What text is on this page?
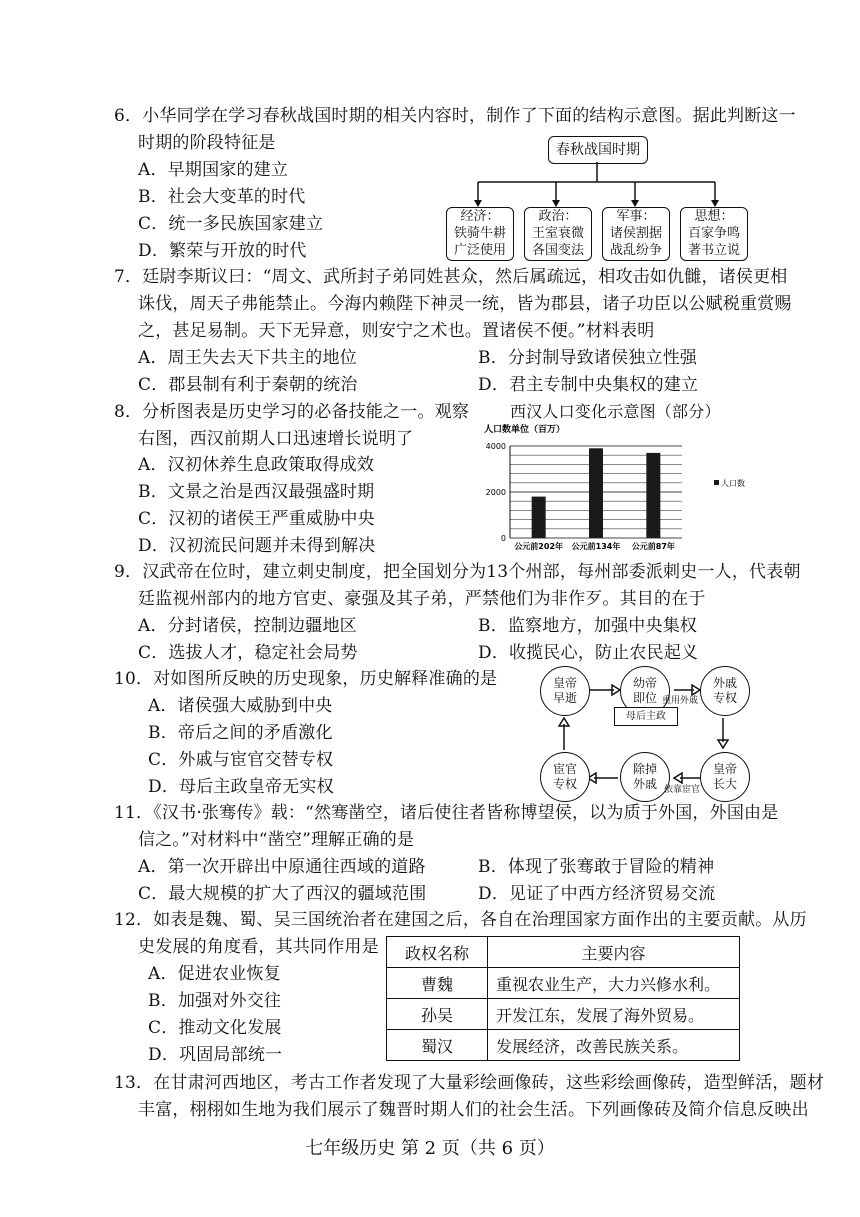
6．小华同学在学习春秋战国时期的相关内容时，制作了下面的结构示意图。据此判断这一
时期的阶段特征是
A．早期国家的建立
B．社会大变革的时代
C．统一多民族国家建立
D．繁荣与开放的时代
春秋战国时期
经济：
铁骑牛耕
广泛使用
政治：
王室衰微
各国变法
军事：
诸侯割据
战乱纷争
思想：
百家争鸣
著书立说
7．廷尉李斯议曰：“周文、武所封子弟同姓甚众，然后属疏远，相攻击如仇雠，诸侯更相
诛伐，周天子弗能禁止。今海内赖陛下神灵一统，皆为郡县，诸子功臣以公赋税重赏赐
之，甚足易制。天下无异意，则安宁之术也。置诸侯不便。”材料表明
A．周王失去天下共主的地位	B．分封制导致诸侯独立性强
C．郡县制有利于秦朝的统治	D．君主专制中央集权的建立
8．分析图表是历史学习的必备技能之一。观察
右图，西汉前期人口迅速增长说明了
A．汉初休养生息政策取得成效
B．文景之治是西汉最强盛时期
C．汉初的诸侯王严重威胁中央
D．汉初流民问题并未得到解决
西汉人口变化示意图（部分）
人口数单位（百万）
0
2000
4000
公元前202年 公元前134年 公元前87年
人口数
9．汉武帝在位时，建立刺史制度，把全国划分为13个州部，每州部委派刺史一人，代表朝
廷监视州部内的地方官吏、豪强及其子弟，严禁他们为非作歹。其目的在于
A．分封诸侯，控制边疆地区	B．监察地方，加强中央集权
C．选拔人才，稳定社会局势	D．收揽民心，防止农民起义
10．对如图所反映的历史现象，历史解释准确的是
A．诸侯强大威胁到中央
B．帝后之间的矛盾激化
C．外戚与宦官交替专权
D．母后主政皇帝无实权
皇帝
早逝
幼帝
即位
外戚
专权
皇帝
长大
除掉
外戚
宦官
专权
重用外戚
母后主政
依靠宦官
11．《汉书·张骞传》载：“然骞凿空，诸后使往者皆称博望侯，以为质于外国，外国由是
信之。”对材料中“凿空”理解正确的是
A．第一次开辟出中原通往西域的道路	B．体现了张骞敢于冒险的精神
C．最大规模的扩大了西汉的疆域范围	D．见证了中西方经济贸易交流
12．如表是魏、蜀、吴三国统治者在建国之后，各自在治理国家方面作出的主要贡献。从历
史发展的角度看，其共同作用是
A．促进农业恢复
B．加强对外交往
C．推动文化发展
D．巩固局部统一
政权名称	主要内容
曹魏	重视农业生产，大力兴修水利。
孙吴	开发江东，发展了海外贸易。
蜀汉	发展经济，改善民族关系。
13．在甘肃河西地区，考古工作者发现了大量彩绘画像砖，这些彩绘画像砖，造型鲜活，题材
丰富，栩栩如生地为我们展示了魏晋时期人们的社会生活。下列画像砖及简介信息反映出
七年级历史 第 2 页（共 6 页）
